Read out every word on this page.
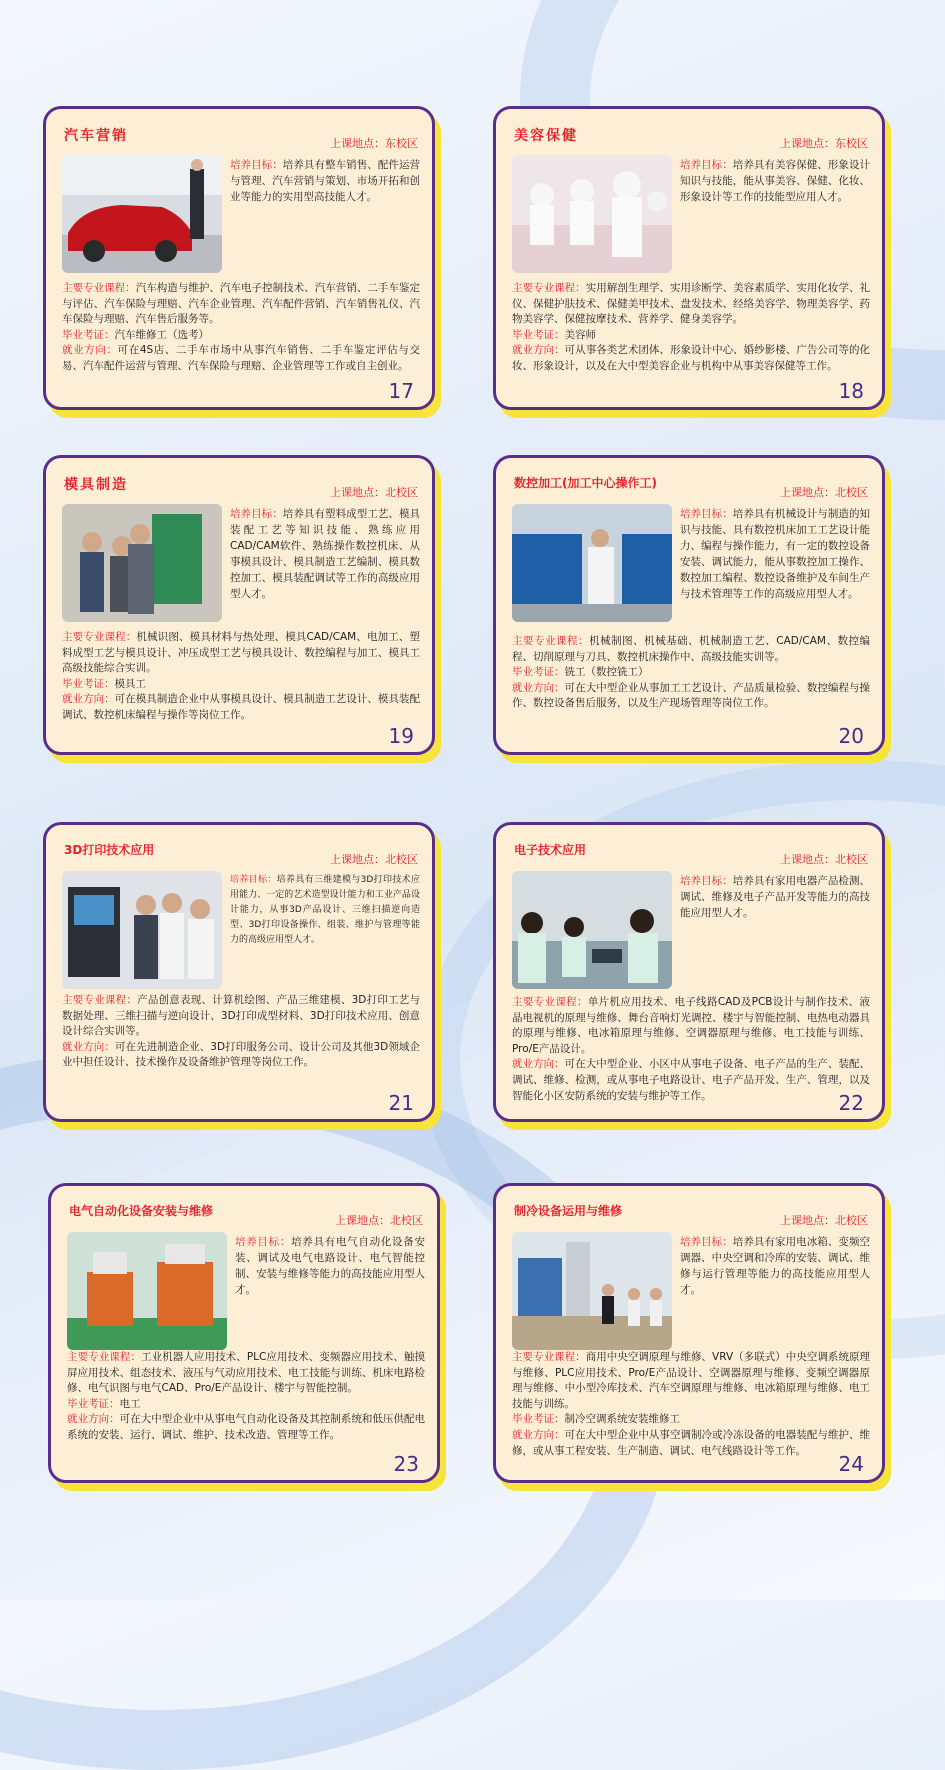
汽车营销	上课地点：东校区
培养目标：培养具有整车销售、配件运营与管理、汽车营销与策划、市场开拓和创业等能力的实用型高技能人才。
主要专业课程：汽车构造与维护、汽车电子控制技术、汽车营销、二手车鉴定与评估、汽车保险与理赔、汽车企业管理、汽车配件营销、汽车销售礼仪、汽车保险与理赔、汽车售后服务等。
毕业考证：汽车维修工（选考）
就业方向：可在4S店、二手车市场中从事汽车销售、二手车鉴定评估与交易、汽车配件运营与管理、汽车保险与理赔、企业管理等工作或自主创业。
17
美容保健	上课地点：东校区
培养目标：培养具有美容保健、形象设计知识与技能，能从事美容、保健、化妆、形象设计等工作的技能型应用人才。
主要专业课程：实用解剖生理学、实用诊断学、美容素质学、实用化妆学、礼仪、保健护肤技术、保健美甲技术、盘发技术、经络美容学、物理美容学、药物美容学、保健按摩技术、营养学、健身美容学。
毕业考证：美容师
就业方向：可从事各类艺术团体、形象设计中心、婚纱影楼、广告公司等的化妆、形象设计，以及在大中型美容企业与机构中从事美容保健等工作。
18
模具制造	上课地点：北校区
培养目标：培养具有塑料成型工艺、模具装配工艺等知识技能、熟练应用CAD/CAM软件、熟练操作数控机床、从事模具设计、模具制造工艺编制、模具数控加工、模具装配调试等工作的高级应用型人才。
主要专业课程：机械识图、模具材料与热处理、模具CAD/CAM、电加工、塑料成型工艺与模具设计、冲压成型工艺与模具设计、数控编程与加工、模具工高级技能综合实训。
毕业考证：模具工
就业方向：可在模具制造企业中从事模具设计、模具制造工艺设计、模具装配调试、数控机床编程与操作等岗位工作。
19
数控加工(加工中心操作工)
上课地点：北校区
培养目标：培养具有机械设计与制造的知识与技能、具有数控机床加工工艺设计能力、编程与操作能力，有一定的数控设备安装、调试能力，能从事数控加工操作、数控加工编程、数控设备维护及车间生产与技术管理等工作的高级应用型人才。
主要专业课程：机械制图、机械基础、机械制造工艺、CAD/CAM、数控编程、切削原理与刀具、数控机床操作中、高级技能实训等。
毕业考证：铣工（数控铣工）
就业方向：可在大中型企业从事加工工艺设计、产品质量检验、数控编程与操作、数控设备售后服务，以及生产现场管理等岗位工作。
20
3D打印技术应用
上课地点：北校区
培养目标：培养具有三维建模与3D打印技术应用能力、一定的艺术造型设计能力和工业产品设计能力，从事3D产品设计、三维扫描逆向造型、3D打印设备操作、组装、维护与管理等能力的高级应用型人才。
主要专业课程：产品创意表现、计算机绘图、产品三维建模、3D打印工艺与数据处理、三维扫描与逆向设计、3D打印成型材料、3D打印技术应用、创意设计综合实训等。
就业方向：可在先进制造企业、3D打印服务公司、设计公司及其他3D领域企业中担任设计、技术操作及设备维护管理等岗位工作。
21
电子技术应用
上课地点：北校区
培养目标：培养具有家用电器产品检测、调试、维修及电子产品开发等能力的高技能应用型人才。
主要专业课程：单片机应用技术、电子线路CAD及PCB设计与制作技术、液晶电视机的原理与维修、舞台音响灯光调控、楼宇与智能控制、电热电动器具的原理与维修、电冰箱原理与维修、空调器原理与维修、电工技能与训练、Pro/E产品设计。
就业方向：可在大中型企业、小区中从事电子设备、电子产品的生产、装配、调试、维修、检测，或从事电子电路设计、电子产品开发、生产、管理，以及智能化小区安防系统的安装与维护等工作。	22
电气自动化设备安装与维修
上课地点：北校区
培养目标：培养具有电气自动化设备安装、调试及电气电路设计、电气智能控制、安装与维修等能力的高技能应用型人才。
主要专业课程：工业机器人应用技术、PLC应用技术、变频器应用技术、触摸屏应用技术、组态技术、液压与气动应用技术、电工技能与训练、机床电路检修、电气识图与电气CAD、Pro/E产品设计、楼宇与智能控制。
毕业考证：电工
就业方向：可在大中型企业中从事电气自动化设备及其控制系统和低压供配电系统的安装、运行、调试、维护、技术改造、管理等工作。
23
制冷设备运用与维修
上课地点：北校区
培养目标：培养具有家用电冰箱、变频空调器、中央空调和冷库的安装、调试、维修与运行管理等能力的高技能应用型人才。
主要专业课程：商用中央空调原理与维修、VRV（多联式）中央空调系统原理与维修、PLC应用技术、Pro/E产品设计、空调器原理与维修、变频空调器原理与维修、中小型冷库技术、汽车空调原理与维修、电冰箱原理与维修、电工技能与训练。
毕业考证：制冷空调系统安装维修工
就业方向：可在大中型企业中从事空调制冷或冷冻设备的电器装配与维护、维修，或从事工程安装、生产制造、调试、电气线路设计等工作。
24
